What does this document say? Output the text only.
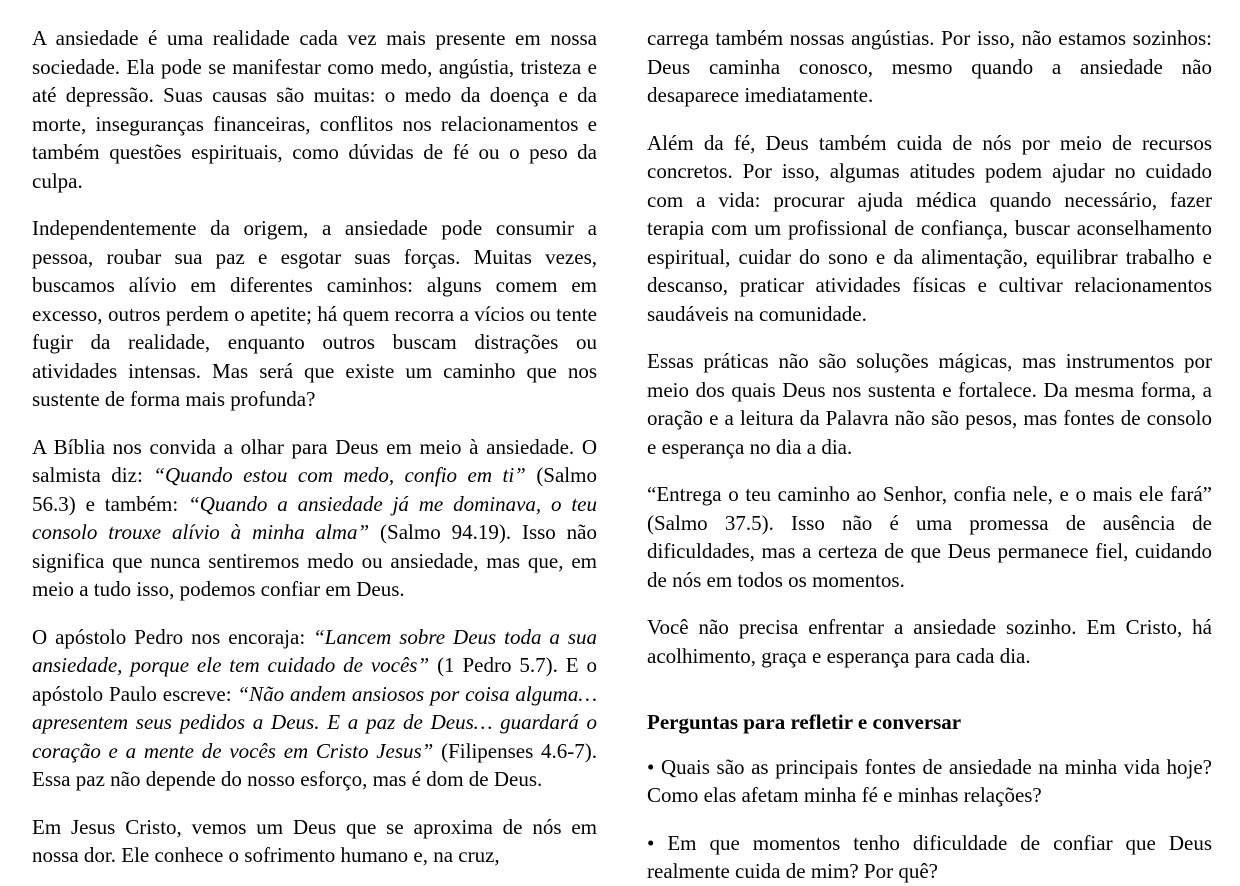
A ansiedade é uma realidade cada vez mais presente em nossa sociedade. Ela pode se manifestar como medo, angústia, tristeza e até depressão. Suas causas são muitas: o medo da doença e da morte, inseguranças financeiras, conflitos nos relacionamentos e também questões espirituais, como dúvidas de fé ou o peso da culpa.

Independentemente da origem, a ansiedade pode consumir a pessoa, roubar sua paz e esgotar suas forças. Muitas vezes, buscamos alívio em diferentes caminhos: alguns comem em excesso, outros perdem o apetite; há quem recorra a vícios ou tente fugir da realidade, enquanto outros buscam distrações ou atividades intensas. Mas será que existe um caminho que nos sustente de forma mais profunda?

A Bíblia nos convida a olhar para Deus em meio à ansiedade. O salmista diz: “Quando estou com medo, confio em ti” (Salmo 56.3) e também: “Quando a ansiedade já me dominava, o teu consolo trouxe alívio à minha alma” (Salmo 94.19). Isso não significa que nunca sentiremos medo ou ansiedade, mas que, em meio a tudo isso, podemos confiar em Deus.

O apóstolo Pedro nos encoraja: “Lancem sobre Deus toda a sua ansiedade, porque ele tem cuidado de vocês” (1 Pedro 5.7). E o apóstolo Paulo escreve: “Não andem ansiosos por coisa alguma… apresentem seus pedidos a Deus. E a paz de Deus… guardará o coração e a mente de vocês em Cristo Jesus” (Filipenses 4.6-7). Essa paz não depende do nosso esforço, mas é dom de Deus.

Em Jesus Cristo, vemos um Deus que se aproxima de nós em nossa dor. Ele conhece o sofrimento humano e, na cruz,

carrega também nossas angústias. Por isso, não estamos sozinhos: Deus caminha conosco, mesmo quando a ansiedade não desaparece imediatamente.

Além da fé, Deus também cuida de nós por meio de recursos concretos. Por isso, algumas atitudes podem ajudar no cuidado com a vida: procurar ajuda médica quando necessário, fazer terapia com um profissional de confiança, buscar aconselhamento espiritual, cuidar do sono e da alimentação, equilibrar trabalho e descanso, praticar atividades físicas e cultivar relacionamentos saudáveis na comunidade.

Essas práticas não são soluções mágicas, mas instrumentos por meio dos quais Deus nos sustenta e fortalece. Da mesma forma, a oração e a leitura da Palavra não são pesos, mas fontes de consolo e esperança no dia a dia.

“Entrega o teu caminho ao Senhor, confia nele, e o mais ele fará” (Salmo 37.5). Isso não é uma promessa de ausência de dificuldades, mas a certeza de que Deus permanece fiel, cuidando de nós em todos os momentos.

Você não precisa enfrentar a ansiedade sozinho. Em Cristo, há acolhimento, graça e esperança para cada dia.

Perguntas para refletir e conversar

• Quais são as principais fontes de ansiedade na minha vida hoje? Como elas afetam minha fé e minhas relações?

• Em que momentos tenho dificuldade de confiar que Deus realmente cuida de mim? Por quê?
